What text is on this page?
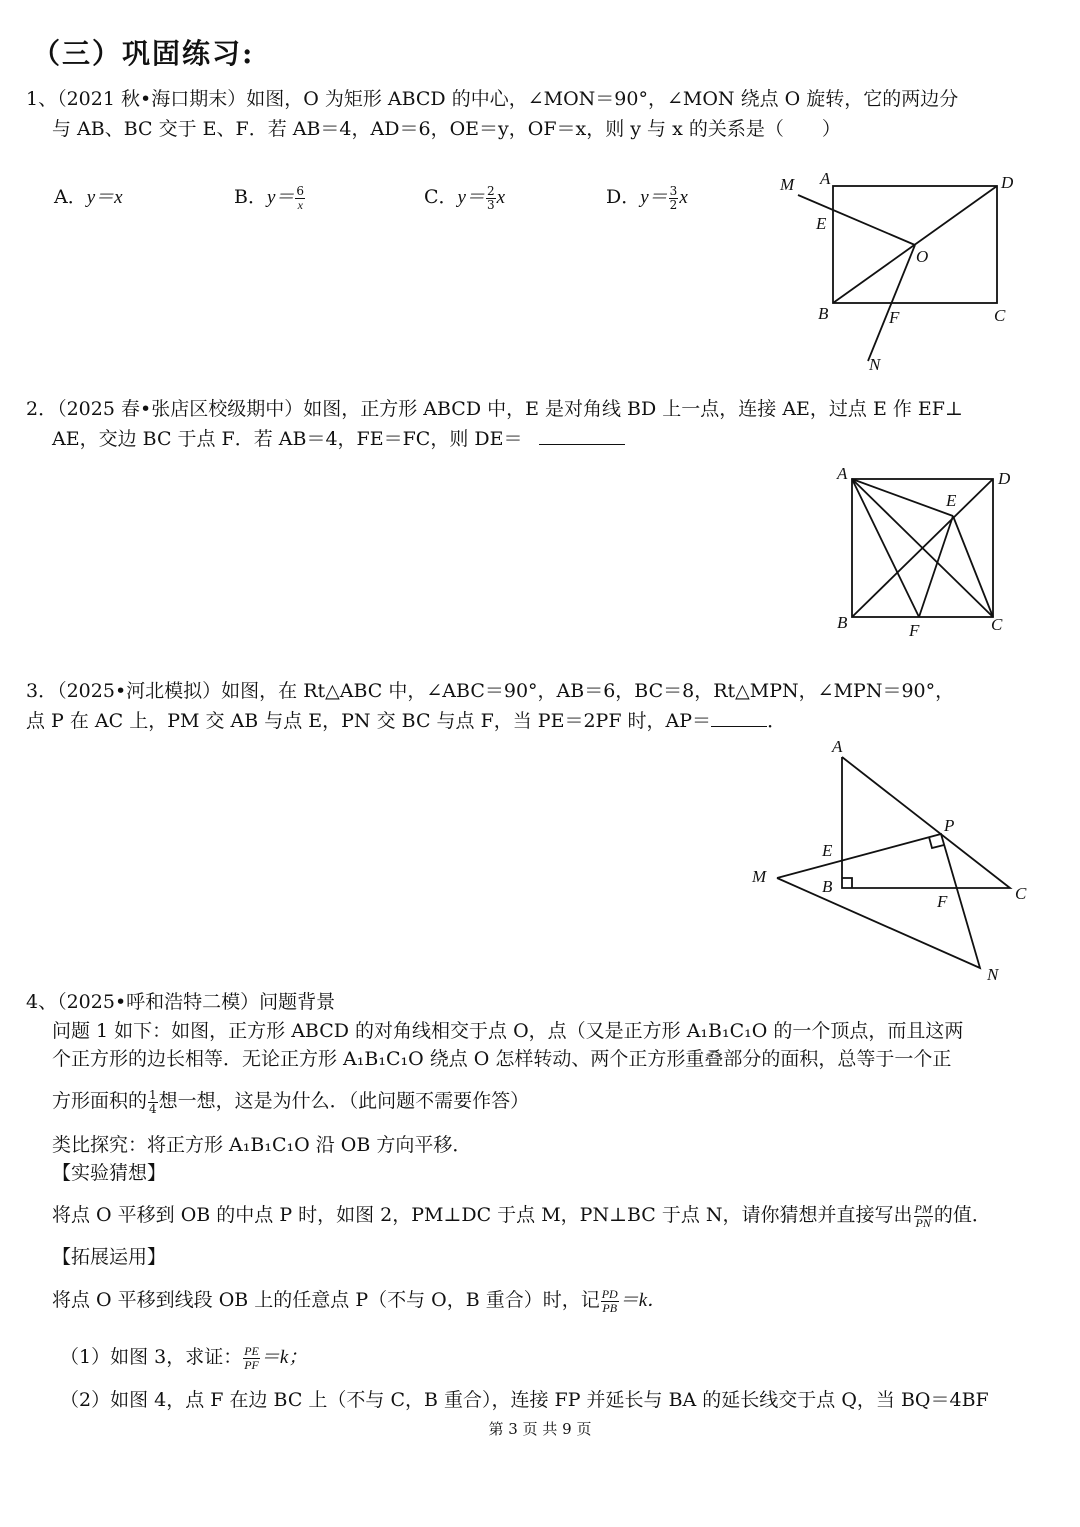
（三）巩固练习:
1、（2021 秋•海口期末）如图，O 为矩形 ABCD 的中心，∠MON＝90°，∠MON 绕点 O 旋转，它的两边分
与 AB、BC 交于 E、F．若 AB＝4，AD＝6，OE＝y，OF＝x，则 y 与 x 的关系是（　　）
A．y＝x	B．$y= \frac{6}{x}$	C．$y= \frac{2}{3}$ x	D．$y= \frac{3}{2}$ x
M A	D
E
O
B	F	C
N
2．（2025 春•张店区校级期中）如图，正方形 ABCD 中，E 是对角线 BD 上一点，连接 AE，过点 E 作 EF⊥
AE，交边 BC 于点 F．若 AB＝4，FE＝FC，则 DE＝
A	D
E
B	F	C
3．（2025•河北模拟）如图，在 Rt△ABC 中，∠ABC＝90°，AB＝6，BC＝8，Rt△MPN，∠MPN＝90°，
点 P 在 AC 上，PM 交 AB 与点 E，PN 交 BC 与点 F，当 PE＝2PF 时，AP＝	．
A
P
E
M
B	C
F
N
4、（2025•呼和浩特二模）问题背景
问题 1 如下：如图，正方形 ABCD 的对角线相交于点 O，点（又是正方形 A₁B₁C₁O 的一个顶点，而且这两
个正方形的边长相等．无论正方形 A₁B₁C₁O 绕点 O 怎样转动、两个正方形重叠部分的面积，总等于一个正
方形面积的 $\frac{1}{4}$ 想一想，这是为什么．（此问题不需要作答）
类比探究：将正方形 A₁B₁C₁O 沿 OB 方向平移．
【实验猜想】
将点 O 平移到 OB 的中点 P 时，如图 2，PM⊥DC 于点 M，PN⊥BC 于点 N，请你猜想并直接写出 $\frac{PM}{PN}$ 的值．
【拓展运用】
将点 O 平移到线段 OB 上的任意点 P（不与 O，B 重合）时，记 $\frac{PD}{PB} =k$．
（1）如图 3，求证： $\frac{PE}{PF} =k$；
（2）如图 4，点 F 在边 BC 上（不与 C，B 重合），连接 FP 并延长与 BA 的延长线交于点 Q，当 BQ＝4BF
第 3 页 共 9 页
